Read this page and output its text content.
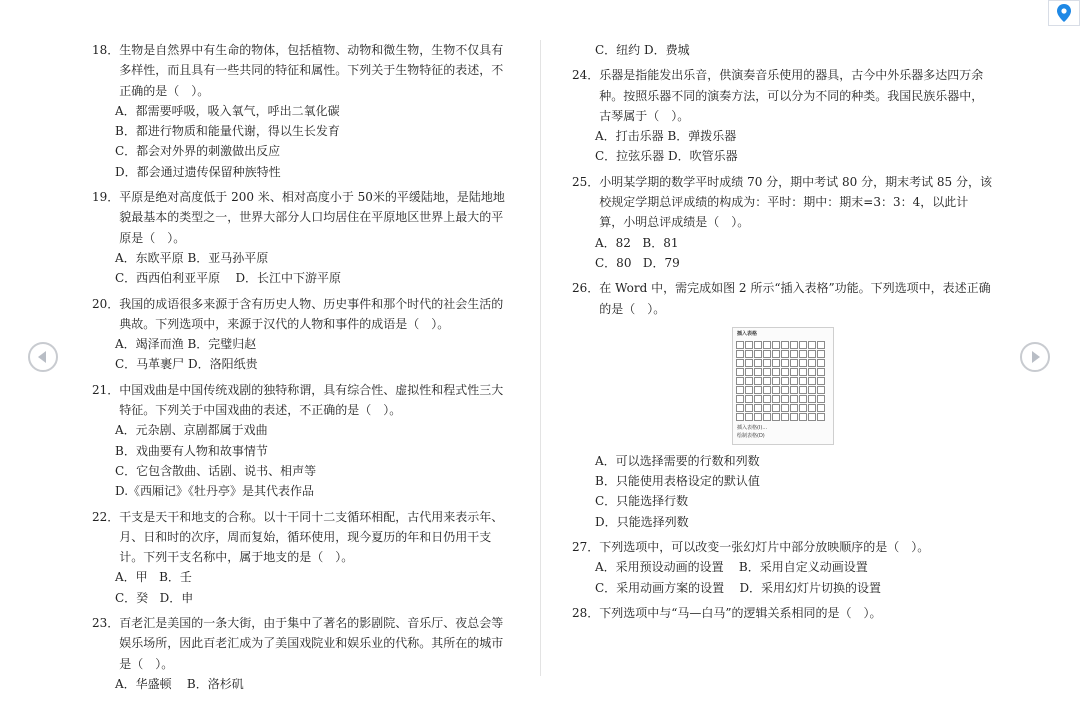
18． 生物是自然界中有生命的物体，包括植物、动物和微生物，生物不仅具有多样性，而且具有一些共同的特征和属性。下列关于生物特征的表述，不正确的是（　）。
A．都需要呼吸，吸入氧气，呼出二氧化碳
B．都进行物质和能量代谢，得以生长发育
C．都会对外界的刺激做出反应
D．都会通过遗传保留种族特性
19． 平原是绝对高度低于 200 米、相对高度小于 50米的平缓陆地，是陆地地貌最基本的类型之一，世界大部分人口均居住在平原地区世界上最大的平原是（　）。
A．东欧平原 B．亚马孙平原
C．西西伯利亚平原    D．长江中下游平原
20． 我国的成语很多来源于含有历史人物、历史事件和那个时代的社会生活的典故。下列选项中，来源于汉代的人物和事件的成语是（　）。
A．竭泽而渔 B．完璧归赵
C．马革裹尸 D．洛阳纸贵
21． 中国戏曲是中国传统戏剧的独特称谓，具有综合性、虚拟性和程式性三大特征。下列关于中国戏曲的表述，不正确的是（　）。
A．元杂剧、京剧都属于戏曲
B．戏曲要有人物和故事情节
C．它包含散曲、话剧、说书、相声等
D.《西厢记》《牡丹亭》是其代表作品
22． 干支是天干和地支的合称。以十干同十二支循环相配，古代用来表示年、月、日和时的次序，周而复始，循环使用，现今夏历的年和日仍用干支计。下列干支名称中，属于地支的是（　）。
A．甲   B．壬
C．癸   D．申
23． 百老汇是美国的一条大街，由于集中了著名的影剧院、音乐厅、夜总会等娱乐场所，因此百老汇成为了美国戏院业和娱乐业的代称。其所在的城市是（　）。
A．华盛顿    B．洛杉矶
C．纽约 D．费城
24． 乐器是指能发出乐音，供演奏音乐使用的器具，古今中外乐器多达四万余种。按照乐器不同的演奏方法，可以分为不同的种类。我国民族乐器中，古琴属于（　）。
A．打击乐器 B．弹拨乐器
C．拉弦乐器 D．吹管乐器
25． 小明某学期的数学平时成绩 70 分，期中考试 80 分，期末考试 85 分，该校规定学期总评成绩的构成为：平时：期中：期末=3：3：4，以此计算，小明总评成绩是（　）。
A．82   B．81
C．80   D．79
26． 在 Word 中，需完成如图 2 所示“插入表格”功能。下列选项中，表述正确的是（　）。
插入表格
插入表格(I)...
绘制表格(D)
A．可以选择需要的行数和列数
B．只能使用表格设定的默认值
C．只能选择行数
D．只能选择列数
27． 下列选项中，可以改变一张幻灯片中部分放映顺序的是（　）。
A．采用预设动画的设置    B．采用自定义动画设置
C．采用动画方案的设置    D．采用幻灯片切换的设置
28． 下列选项中与“马—白马”的逻辑关系相同的是（　）。
